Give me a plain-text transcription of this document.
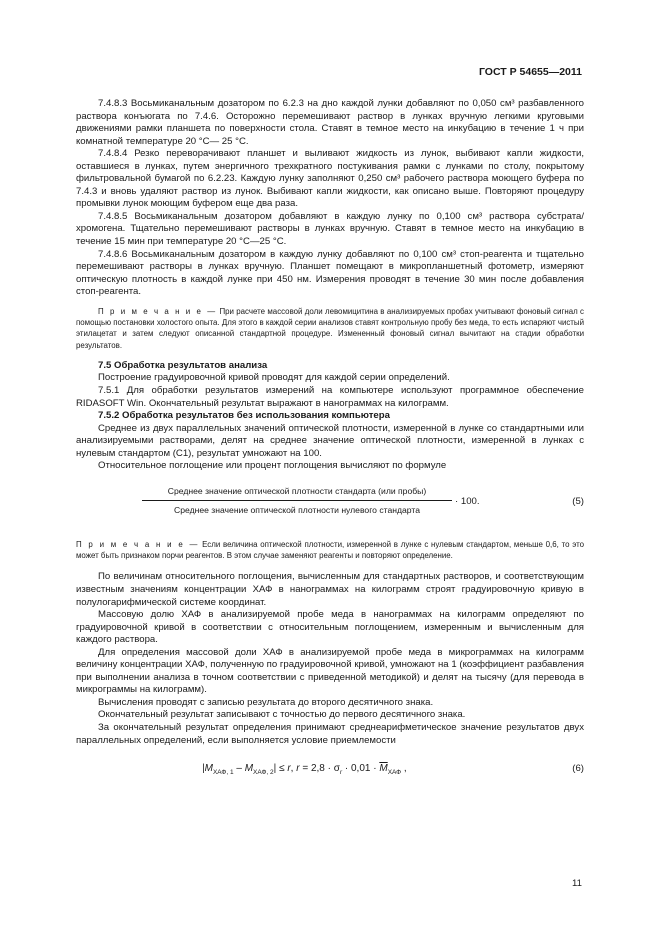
ГОСТ Р 54655—2011

7.4.8.3 Восьмиканальным дозатором по 6.2.3 на дно каждой лунки добавляют по 0,050 см³ разбавленного раствора конъюгата по 7.4.6. Осторожно перемешивают раствор в лунках вручную легкими круговыми движениями рамки планшета по поверхности стола. Ставят в темное место на инкубацию в течение 1 ч при комнатной температуре 20 °С— 25 °С.

7.4.8.4 Резко переворачивают планшет и выливают жидкость из лунок, выбивают капли жидкости, оставшиеся в лунках, путем энергичного трехкратного постукивания рамки с лунками по столу, покрытому фильтровальной бумагой по 6.2.23. Каждую лунку заполняют 0,250 см³ рабочего раствора моющего буфера по 7.4.3 и вновь удаляют раствор из лунок. Выбивают капли жидкости, как описано выше. Повторяют процедуру промывки лунок моющим буфером еще два раза.

7.4.8.5 Восьмиканальным дозатором добавляют в каждую лунку по 0,100 см³ раствора субстрата/хромогена. Тщательно перемешивают растворы в лунках вручную. Ставят в темное место на инкубацию в течение 15 мин при температуре 20 °С—25 °С.

7.4.8.6 Восьмиканальным дозатором в каждую лунку добавляют по 0,100 см³ стоп-реагента и тщательно перемешивают растворы в лунках вручную. Планшет помещают в микропланшетный фотометр, измеряют оптическую плотность в каждой лунке при 450 нм. Измерения проводят в течение 30 мин после добавления стоп-реагента.

П р и м е ч а н и е — При расчете массовой доли левомицитина в анализируемых пробах учитывают фоновый сигнал с помощью постановки холостого опыта. Для этого в каждой серии анализов ставят контрольную пробу без меда, то есть испаряют чистый этилацетат и затем следуют описанной стандартной процедуре. Измененный фоновый сигнал вычитают на стадии обработки результатов.

7.5 Обработка результатов анализа

Построение градуировочной кривой проводят для каждой серии определений.

7.5.1 Для обработки результатов измерений на компьютере используют программное обеспечение RIDASOFT Win. Окончательный результат выражают в нанограммах на килограмм.

7.5.2 Обработка результатов без использования компьютера

Среднее из двух параллельных значений оптической плотности, измеренной в лунке со стандартными или анализируемыми растворами, делят на среднее значение оптической плотности, измеренной в лунках с нулевым стандартом (С1), результат умножают на 100.

Относительное поглощение или процент поглощения вычисляют по формуле

Среднее значение оптической плотности стандарта (или пробы)
Среднее значение оптической плотности нулевого стандарта
· 100.	(5)

П р и м е ч а н и е — Если величина оптической плотности, измеренной в лунке с нулевым стандартом, меньше 0,6, то это может быть признаком порчи реагентов. В этом случае заменяют реагенты и повторяют определение.

По величинам относительного поглощения, вычисленным для стандартных растворов, и соответствующим известным значениям концентрации ХАФ в нанограммах на килограмм строят градуировочную кривую в полулогарифмической системе координат.

Массовую долю ХАФ в анализируемой пробе меда в нанограммах на килограмм определяют по градуировочной кривой в соответствии с относительным поглощением, измеренным и вычисленным для каждого раствора.

Для определения массовой доли ХАФ в анализируемой пробе меда в микрограммах на килограмм величину концентрации ХАФ, полученную по градуировочной кривой, умножают на 1 (коэффициент разбавления при выполнении анализа в точном соответствии с приведенной методикой) и делят на тысячу (для перевода в микрограммы на килограмм).

Вычисления проводят с записью результата до второго десятичного знака.

Окончательный результат записывают с точностью до первого десятичного знака.

За окончательный результат определения принимают среднеарифметическое значение результатов двух параллельных определений, если выполняется условие приемлемости

$|M_{ХАФ, 1} - M_{ХАФ, 2}| \le r$, $r = 2,8 \cdot \sigma_r \cdot 0,01 \cdot \overline{M}_{ХАФ}$ ,	(6)
11
